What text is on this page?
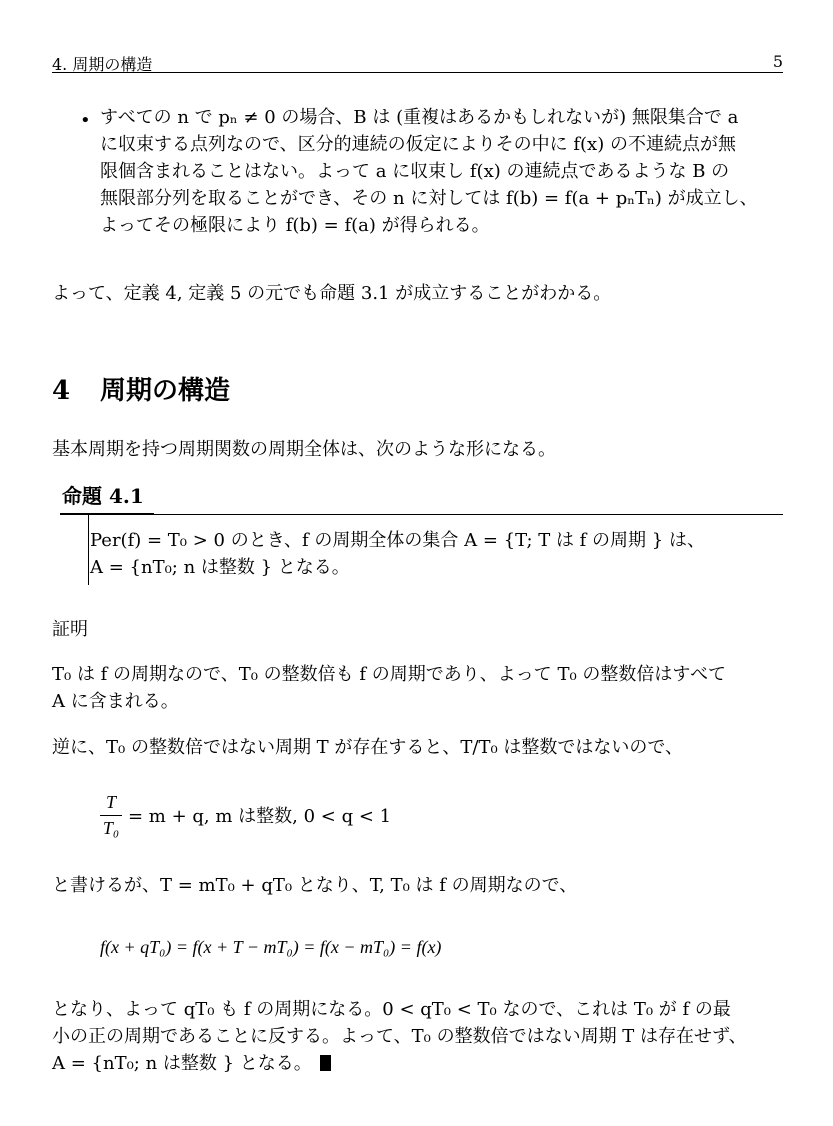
4. 周期の構造	5
• すべての n で pₙ ≠ 0 の場合、B は (重複はあるかもしれないが) 無限集合で a
に収束する点列なので、区分的連続の仮定によりその中に f(x) の不連続点が無
限個含まれることはない。よって a に収束し f(x) の連続点であるような B の
無限部分列を取ることができ、その n に対しては f(b) = f(a + pₙTₙ) が成立し、
よってその極限により f(b) = f(a) が得られる。
よって、定義 4, 定義 5 の元でも命題 3.1 が成立することがわかる。
4 周期の構造
基本周期を持つ周期関数の周期全体は、次のような形になる。
命題 4.1
Per(f) = T₀ > 0 のとき、f の周期全体の集合 A = {T; T は f の周期 } は、
A = {nT₀; n は整数 } となる。
証明
T₀ は f の周期なので、T₀ の整数倍も f の周期であり、よって T₀ の整数倍はすべて
A に含まれる。
逆に、T₀ の整数倍ではない周期 T が存在すると、T/T₀ は整数ではないので、
T
T₀
= m + q, m は整数, 0 < q < 1
と書けるが、T = mT₀ + qT₀ となり、T, T₀ は f の周期なので、
f(x + qT₀) = f(x + T − mT₀) = f(x − mT₀) = f(x)
となり、よって qT₀ も f の周期になる。0 < qT₀ < T₀ なので、これは T₀ が f の最
小の正の周期であることに反する。よって、T₀ の整数倍ではない周期 T は存在せず、
A = {nT₀; n は整数 } となる。
